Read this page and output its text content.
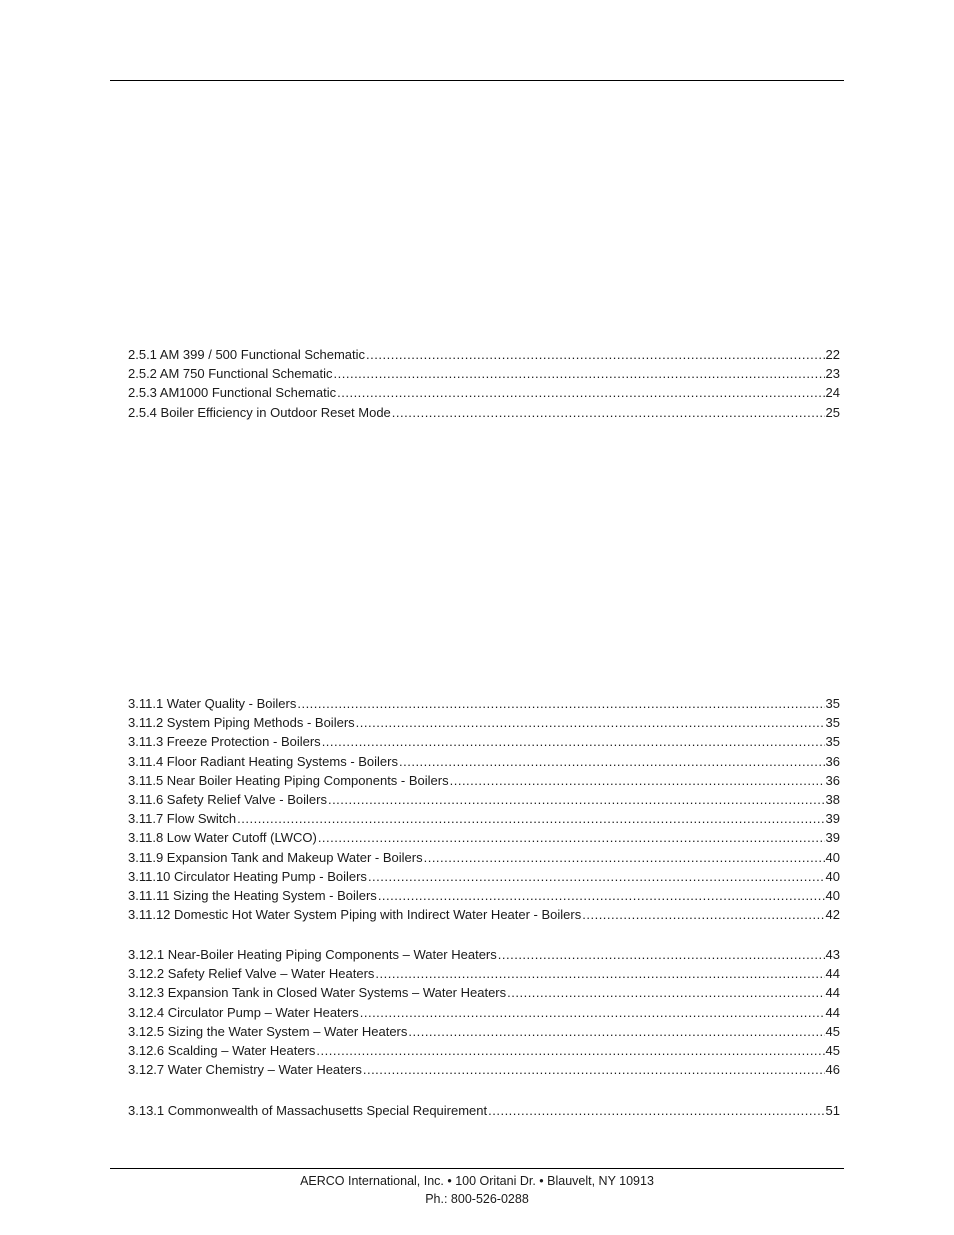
2.5.1 AM 399 / 500 Functional Schematic .....	22
2.5.2 AM 750 Functional Schematic .....	23
2.5.3 AM1000 Functional Schematic .....	24
2.5.4 Boiler Efficiency in Outdoor Reset Mode .....	25
3.11.1 Water Quality - Boilers .....	35
3.11.2 System Piping Methods - Boilers .....	35
3.11.3 Freeze Protection - Boilers .....	35
3.11.4 Floor Radiant Heating Systems - Boilers .....	36
3.11.5 Near Boiler Heating Piping Components - Boilers .....	36
3.11.6 Safety Relief Valve - Boilers .....	38
3.11.7 Flow Switch .....	39
3.11.8 Low Water Cutoff (LWCO) .....	39
3.11.9 Expansion Tank and Makeup Water - Boilers .....	40
3.11.10 Circulator Heating Pump - Boilers .....	40
3.11.11 Sizing the Heating System - Boilers .....	40
3.11.12 Domestic Hot Water System Piping with Indirect Water Heater - Boilers .....	42
3.12.1 Near-Boiler Heating Piping Components – Water Heaters .....	43
3.12.2 Safety Relief Valve – Water Heaters .....	44
3.12.3 Expansion Tank in Closed Water Systems – Water Heaters .....	44
3.12.4 Circulator Pump – Water Heaters .....	44
3.12.5 Sizing the Water System – Water Heaters .....	45
3.12.6 Scalding – Water Heaters .....	45
3.12.7 Water Chemistry – Water Heaters .....	46
3.13.1 Commonwealth of Massachusetts Special Requirement .....	51
AERCO International, Inc. • 100 Oritani Dr. • Blauvelt, NY 10913
Ph.: 800-526-0288
